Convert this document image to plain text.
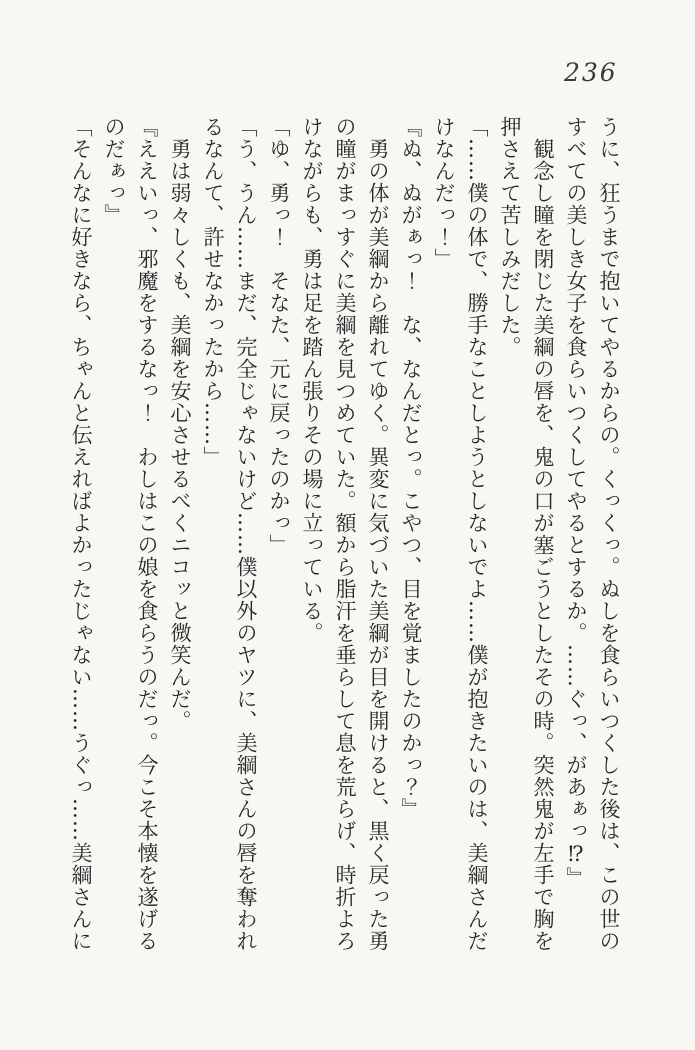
236

うに、狂うまで抱いてやるからの。くっくっ。ぬしを食らいつくした後は、この世の

すべての美しき女子を食らいつくしてやるとするか。……ぐっ、があぁっ⁉』

　観念し瞳を閉じた美綱の唇を、鬼の口が塞ごうとしたその時。突然鬼が左手で胸を

押さえて苦しみだした。

「……僕の体で、勝手なことしようとしないでよ……僕が抱きたいのは、美綱さんだ

けなんだっ！」

『ぬ、ぬがぁっ！　な、なんだとっ。こやつ、目を覚ましたのかっ？』

　勇の体が美綱から離れてゆく。異変に気づいた美綱が目を開けると、黒く戻った勇

の瞳がまっすぐに美綱を見つめていた。額から脂汗を垂らして息を荒らげ、時折よろ

けながらも、勇は足を踏ん張りその場に立っている。

「ゆ、勇っ！　そなた、元に戻ったのかっ」

「う、うん……まだ、完全じゃないけど……僕以外のヤツに、美綱さんの唇を奪われ

るなんて、許せなかったから……」

　勇は弱々しくも、美綱を安心させるべくニコッと微笑んだ。

『ええいっ、邪魔をするなっ！　わしはこの娘を食らうのだっ。今こそ本懐を遂げる

のだぁっ』

「そんなに好きなら、ちゃんと伝えればよかったじゃない……うぐっ……美綱さんに
